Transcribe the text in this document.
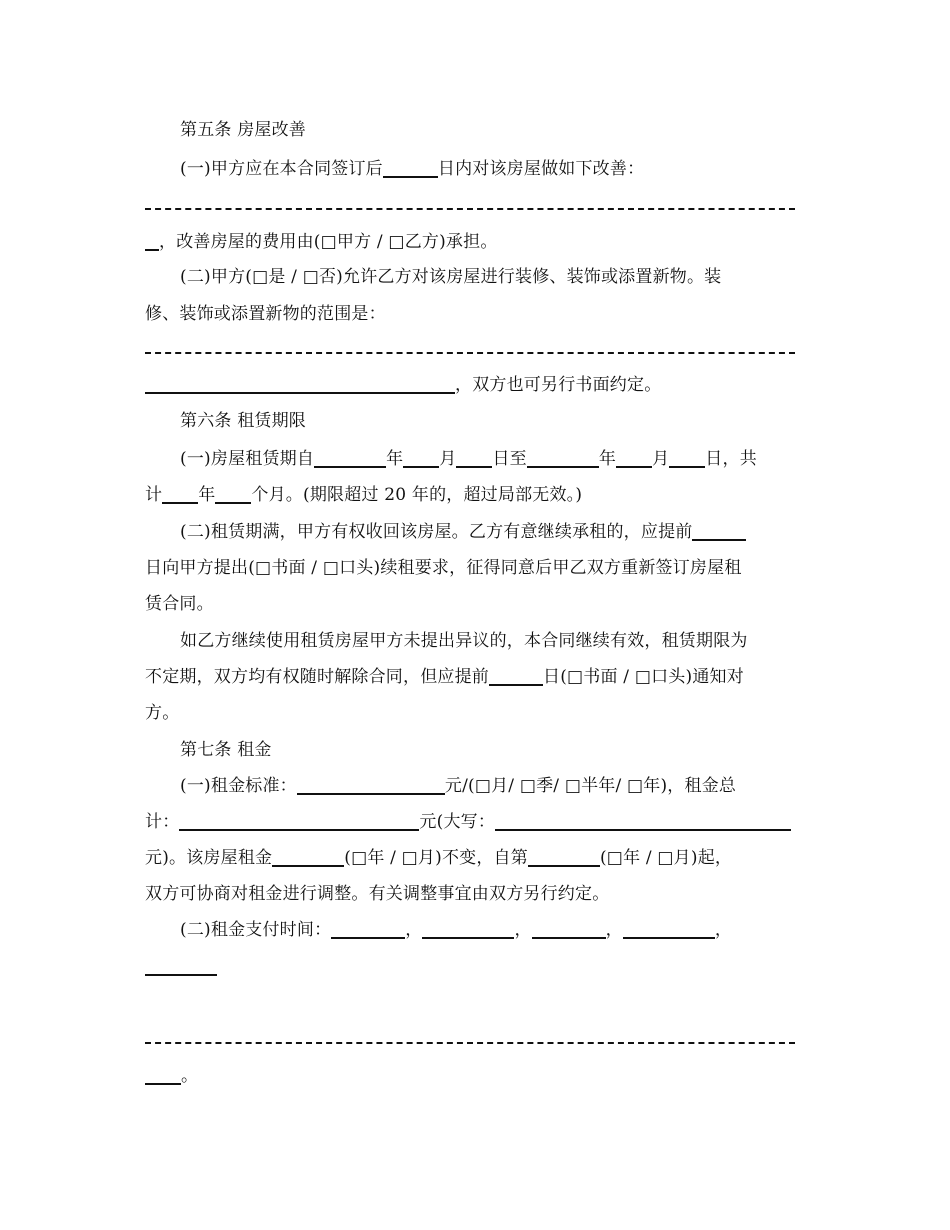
第五条 房屋改善
(一)甲方应在本合同签订后	日内对该房屋做如下改善：
，改善房屋的费用由(□甲方 / □乙方)承担。
(二)甲方(□是 / □否)允许乙方对该房屋进行装修、装饰或添置新物。装
修、装饰或添置新物的范围是：
，双方也可另行书面约定。
第六条 租赁期限
(一)房屋租赁期自	年 月 日至	年 月 日，共
计 年 个月。(期限超过 20 年的，超过局部无效。)
(二)租赁期满，甲方有权收回该房屋。乙方有意继续承租的，应提前
日向甲方提出(□书面 / □口头)续租要求，征得同意后甲乙双方重新签订房屋租
赁合同。
如乙方继续使用租赁房屋甲方未提出异议的，本合同继续有效，租赁期限为
不定期，双方均有权随时解除合同，但应提前	日(□书面 / □口头)通知对
方。
第七条 租金
(一)租金标准：	元/(□月/ □季/ □半年/ □年)，租金总
计：	元(大写：
元)。该房屋租金	(□年 / □月)不变，自第	(□年 / □月)起，
双方可协商对租金进行调整。有关调整事宜由双方另行约定。
(二)租金支付时间：	，	，	，	，
。
